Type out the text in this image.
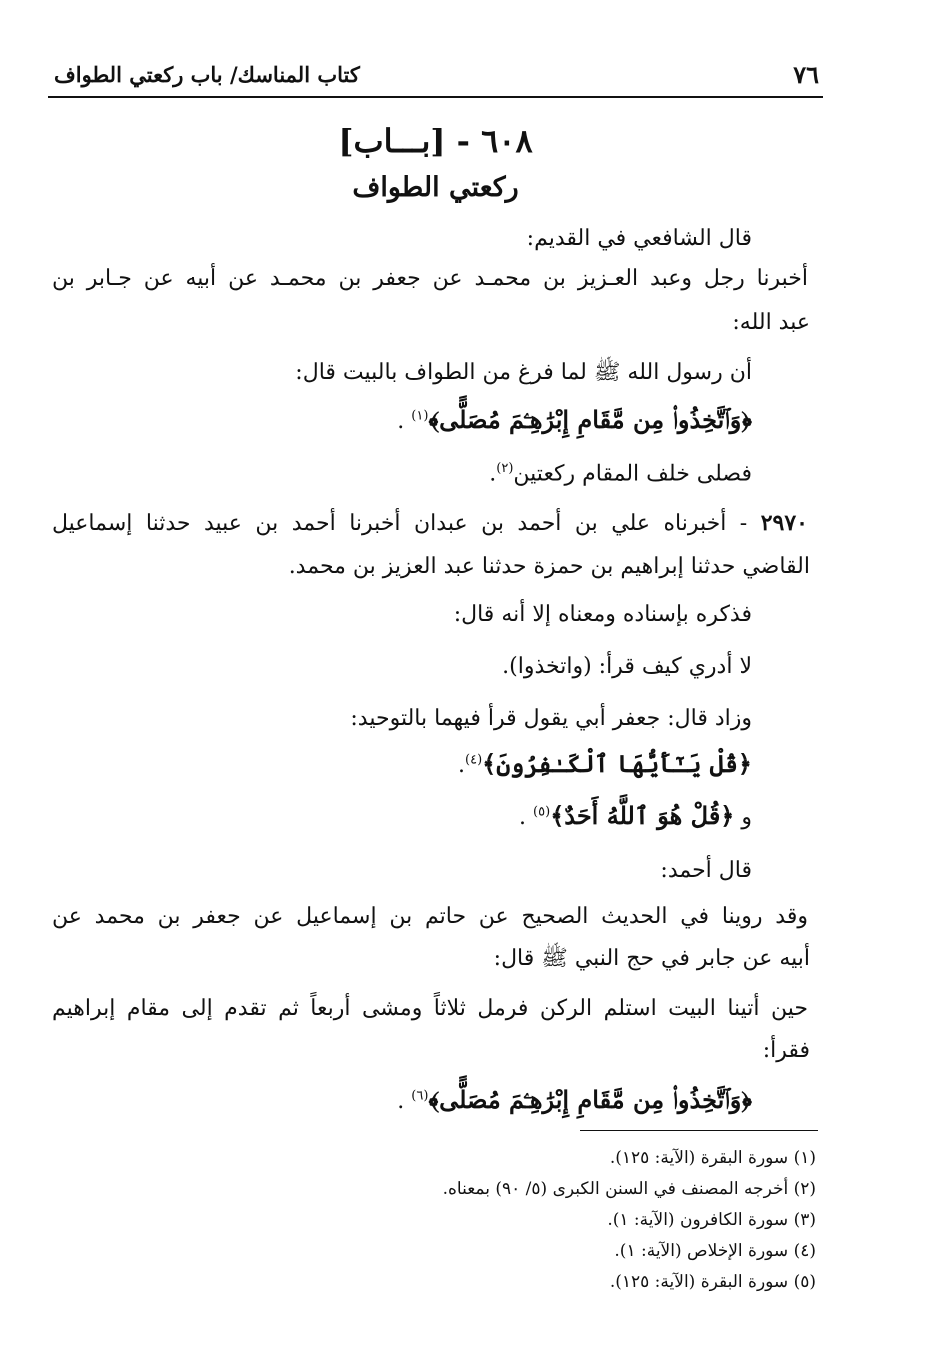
٧٦
كتاب المناسك/ باب ركعتي الطواف
٦٠٨ - [بـــاب]
ركعتي الطواف
قال الشافعي في القديم:
أخبرنا رجل وعبد العـزيز بن محمـد عن جعفر بن محمـد عن أبيه عن جـابر بن
عبد الله:
أن رسول الله ﷺ لما فرغ من الطواف بالبيت قال:
﴿وَٱتَّخِذُوا۟ مِن مَّقَامِ إِبْرَٰهِـۧمَ مُصَلًّى﴾$^{(١)}$ .
فصلى خلف المقام ركعتين$^{(٢)}$.
٢٩٧٠ - أخبرناه علي بن أحمد بن عبدان أخبرنا أحمد بن عبيد حدثنا إسماعيل
القاضي حدثنا إبراهيم بن حمزة حدثنا عبد العزيز بن محمد.
فذكره بإسناده ومعناه إلا أنه قال:
لا أدري كيف قرأ: (واتخذوا).
وزاد قال: جعفر أبي يقول قرأ فيهما بالتوحيد:
﴿قُلْ يَـٰٓأَيُّهَا ٱلْكَـٰفِرُونَ﴾$^{(٤)}$.
و ﴿قُلْ هُوَ ٱللَّهُ أَحَدٌ﴾$^{(٥)}$ .
قال أحمد:
وقد روينا في الحديث الصحيح عن حاتم بن إسماعيل عن جعفر بن محمد عن
أبيه عن جابر في حج النبي ﷺ قال:
حين أتينا البيت استلم الركن فرمل ثلاثاً ومشى أربعاً ثم تقدم إلى مقام إبراهيم
فقرأ:
﴿وَٱتَّخِذُوا۟ مِن مَّقَامِ إِبْرَٰهِـۧمَ مُصَلًّى﴾$^{(٦)}$ .
(١) سورة البقرة (الآية: ١٢٥).
(٢) أخرجه المصنف في السنن الكبرى (٥/ ٩٠) بمعناه.
(٣) سورة الكافرون (الآية: ١).
(٤) سورة الإخلاص (الآية: ١).
(٥) سورة البقرة (الآية: ١٢٥).
